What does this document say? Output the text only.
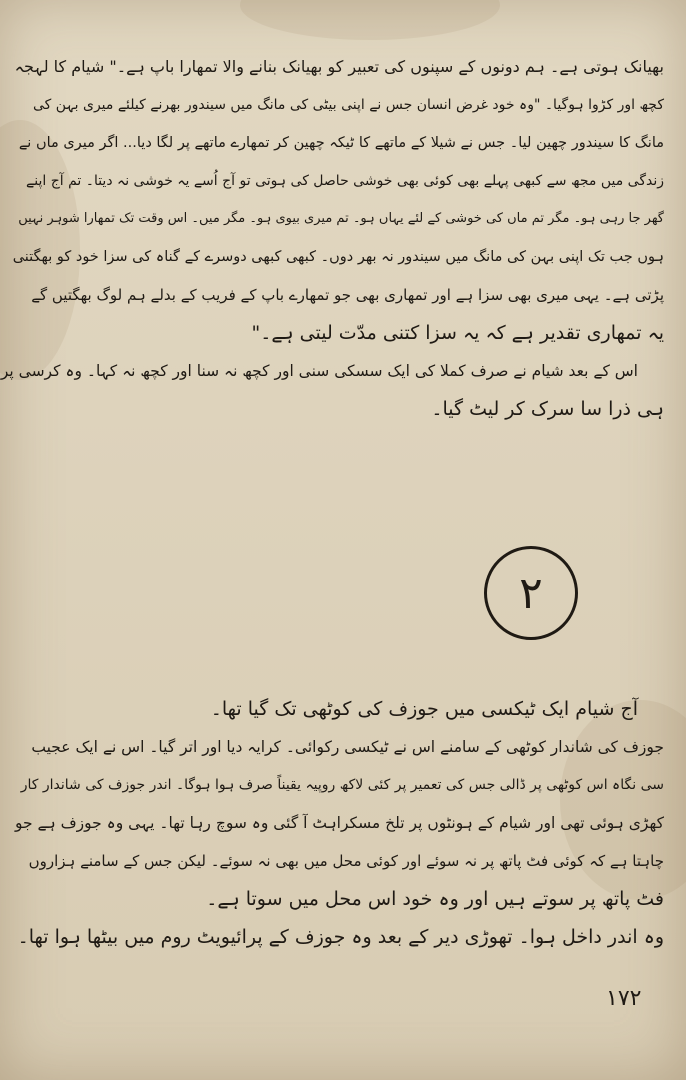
بھیانک ہوتی ہے۔ ہم دونوں کے سپنوں کی تعبیر کو بھیانک بنانے والا تمھارا باپ ہے۔" شیام کا لہجہ

کچھ اور کڑوا ہوگیا۔ "وہ خود غرض انسان جس نے اپنی بیٹی کی مانگ میں سیندور بھرنے کیلئے میری بہن کی

مانگ کا سیندور چھین لیا۔ جس نے شیلا کے ماتھے کا ٹیکہ چھین کر تمھارے ماتھے پر لگا دیا... اگر میری ماں نے

زندگی میں مجھ سے کبھی پہلے بھی کوئی بھی خوشی حاصل کی ہوتی تو آج اُسے یہ خوشی نہ دیتا۔ تم آج اپنے

گھر جا رہی ہو۔ مگر تم ماں کی خوشی کے لئے یہاں ہو۔ تم میری بیوی ہو۔ مگر میں۔ اس وقت تک تمھارا شوہر نہیں

ہوں جب تک اپنی بہن کی مانگ میں سیندور نہ بھر دوں۔ کبھی کبھی دوسرے کے گناہ کی سزا خود کو بھگتنی

پڑتی ہے۔ یہی میری بھی سزا ہے اور تمھاری بھی جو تمھارے باپ کے فریب کے بدلے ہم لوگ بھگتیں گے

یہ تمھاری تقدیر ہے کہ یہ سزا کتنی مدّت لیتی ہے۔"

اس کے بعد شیام نے صرف کملا کی ایک سسکی سنی اور کچھ نہ سنا اور کچھ نہ کہا۔ وہ کرسی پر

ہی ذرا سا سرک کر لیٹ گیا۔

۲

آج شیام ایک ٹیکسی میں جوزف کی کوٹھی تک گیا تھا۔

جوزف کی شاندار کوٹھی کے سامنے اس نے ٹیکسی رکوائی۔ کرایہ دیا اور اتر گیا۔ اس نے ایک عجیب

سی نگاہ اس کوٹھی پر ڈالی جس کی تعمیر پر کئی لاکھ روپیہ یقیناً صرف ہوا ہوگا۔ اندر جوزف کی شاندار کار

کھڑی ہوئی تھی اور شیام کے ہونٹوں پر تلخ مسکراہٹ آ گئی وہ سوچ رہا تھا۔ یہی وہ جوزف ہے جو

چاہتا ہے کہ کوئی فٹ پاتھ پر نہ سوئے اور کوئی محل میں بھی نہ سوئے۔ لیکن جس کے سامنے ہزاروں

فٹ پاتھ پر سوتے ہیں اور وہ خود اس محل میں سوتا ہے۔

وہ اندر داخل ہوا۔ تھوڑی دیر کے بعد وہ جوزف کے پرائیویٹ روم میں بیٹھا ہوا تھا۔

۱۷۲
